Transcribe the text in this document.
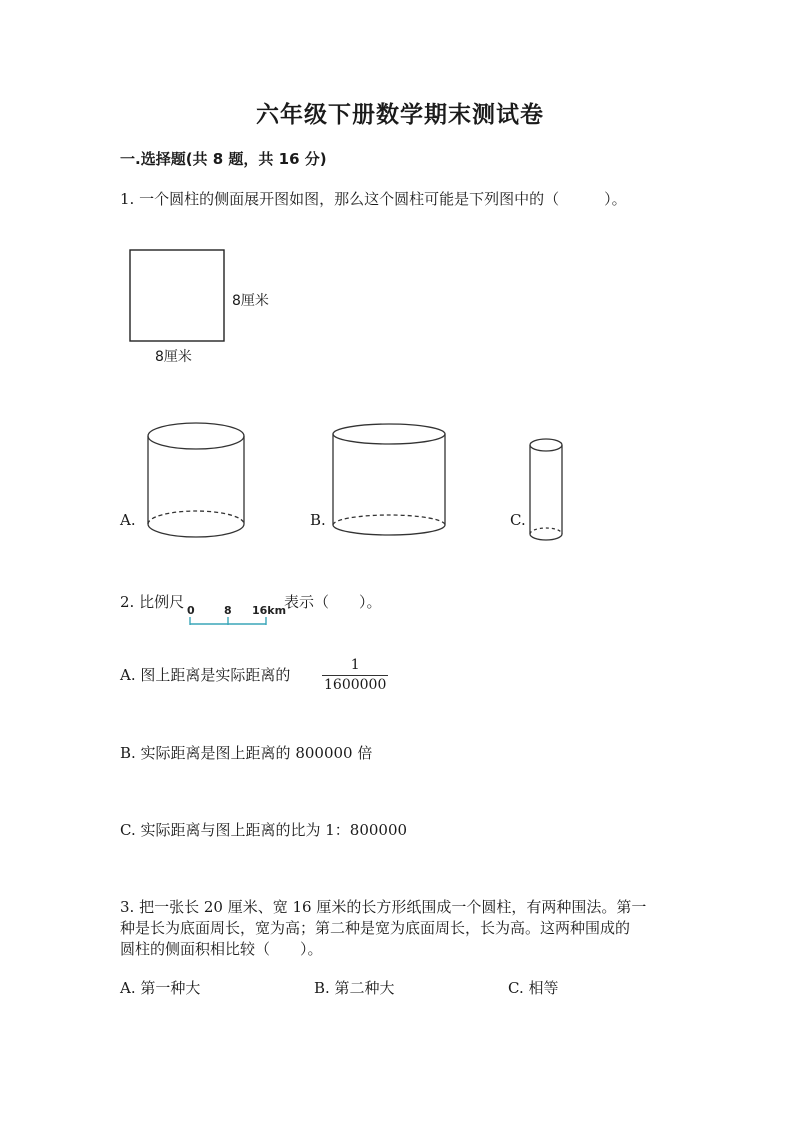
六年级下册数学期末测试卷
一.选择题(共 8 题，共 16 分)
1. 一个圆柱的侧面展开图如图，那么这个圆柱可能是下列图中的（　　　）。
0	8 16km
8厘米
8厘米
A.	B.	C.
2. 比例尺	表示（　　）。
A. 图上距离是实际距离的
1
1600000
B. 实际距离是图上距离的 800000 倍
C. 实际距离与图上距离的比为 1：800000
3. 把一张长 20 厘米、宽 16 厘米的长方形纸围成一个圆柱，有两种围法。第一
种是长为底面周长，宽为高；第二种是宽为底面周长，长为高。这两种围成的
圆柱的侧面积相比较（　　）。
A. 第一种大	B. 第二种大	C. 相等
